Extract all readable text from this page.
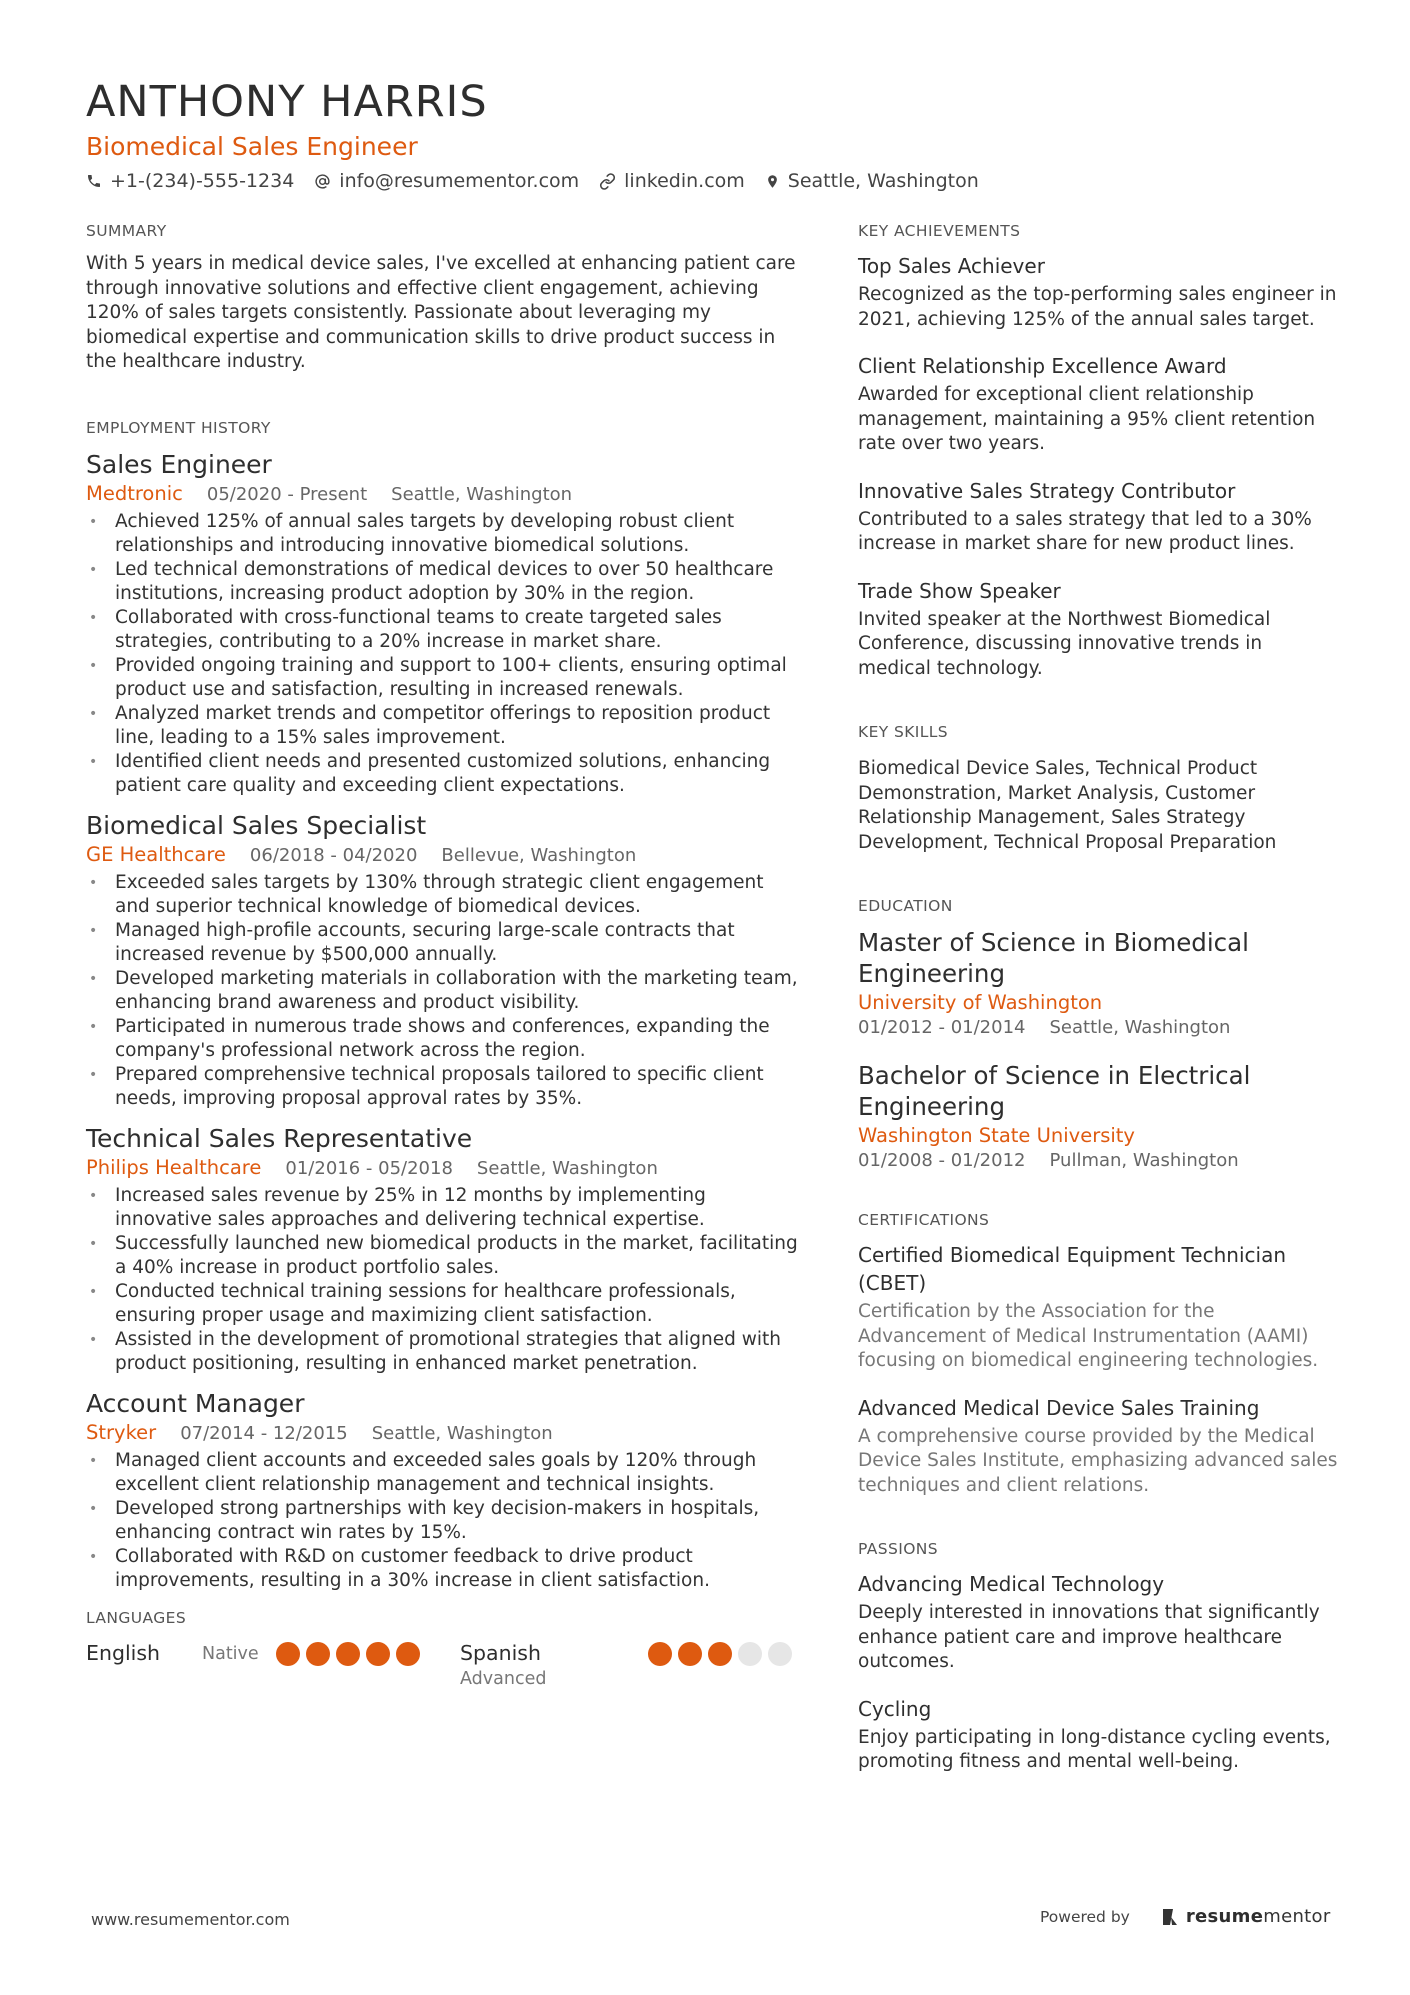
ANTHONY HARRIS
Biomedical Sales Engineer
+1-(234)-555-1234 info@resumementor.com linkedin.com Seattle, Washington
SUMMARY

With 5 years in medical device sales, I've excelled at enhancing patient care through innovative solutions and effective client engagement, achieving 120% of sales targets consistently. Passionate about leveraging my biomedical expertise and communication skills to drive product success in the healthcare industry.

EMPLOYMENT HISTORY
Sales Engineer
Medtronic 05/2020 - Present Seattle, Washington
• Achieved 125% of annual sales targets by developing robust client relationships and introducing innovative biomedical solutions.
• Led technical demonstrations of medical devices to over 50 healthcare institutions, increasing product adoption by 30% in the region.
• Collaborated with cross-functional teams to create targeted sales strategies, contributing to a 20% increase in market share.
• Provided ongoing training and support to 100+ clients, ensuring optimal product use and satisfaction, resulting in increased renewals.
• Analyzed market trends and competitor offerings to reposition product line, leading to a 15% sales improvement.
• Identified client needs and presented customized solutions, enhancing patient care quality and exceeding client expectations.
Biomedical Sales Specialist
GE Healthcare 06/2018 - 04/2020 Bellevue, Washington
• Exceeded sales targets by 130% through strategic client engagement and superior technical knowledge of biomedical devices.
• Managed high-profile accounts, securing large-scale contracts that increased revenue by $500,000 annually.
• Developed marketing materials in collaboration with the marketing team, enhancing brand awareness and product visibility.
• Participated in numerous trade shows and conferences, expanding the company's professional network across the region.
• Prepared comprehensive technical proposals tailored to specific client needs, improving proposal approval rates by 35%.
Technical Sales Representative
Philips Healthcare 01/2016 - 05/2018 Seattle, Washington
• Increased sales revenue by 25% in 12 months by implementing innovative sales approaches and delivering technical expertise.
• Successfully launched new biomedical products in the market, facilitating a 40% increase in product portfolio sales.
• Conducted technical training sessions for healthcare professionals, ensuring proper usage and maximizing client satisfaction.
• Assisted in the development of promotional strategies that aligned with product positioning, resulting in enhanced market penetration.
Account Manager
Stryker 07/2014 - 12/2015 Seattle, Washington
• Managed client accounts and exceeded sales goals by 120% through excellent client relationship management and technical insights.
• Developed strong partnerships with key decision-makers in hospitals, enhancing contract win rates by 15%.
• Collaborated with R&D on customer feedback to drive product improvements, resulting in a 30% increase in client satisfaction.
LANGUAGES
English	Native	Spanish
Advanced
KEY ACHIEVEMENTS
Top Sales Achiever

Recognized as the top-performing sales engineer in 2021, achieving 125% of the annual sales target.

Client Relationship Excellence Award

Awarded for exceptional client relationship management, maintaining a 95% client retention rate over two years.

Innovative Sales Strategy Contributor

Contributed to a sales strategy that led to a 30% increase in market share for new product lines.

Trade Show Speaker

Invited speaker at the Northwest Biomedical Conference, discussing innovative trends in medical technology.

KEY SKILLS

Biomedical Device Sales, Technical Product Demonstration, Market Analysis, Customer Relationship Management, Sales Strategy Development, Technical Proposal Preparation

EDUCATION
Master of Science in Biomedical Engineering
University of Washington
01/2012 - 01/2014 Seattle, Washington
Bachelor of Science in Electrical Engineering
Washington State University
01/2008 - 01/2012 Pullman, Washington
CERTIFICATIONS
Certified Biomedical Equipment Technician (CBET)

Certification by the Association for the Advancement of Medical Instrumentation (AAMI) focusing on biomedical engineering technologies.

Advanced Medical Device Sales Training

A comprehensive course provided by the Medical Device Sales Institute, emphasizing advanced sales techniques and client relations.

PASSIONS
Advancing Medical Technology

Deeply interested in innovations that significantly enhance patient care and improve healthcare outcomes.

Cycling

Enjoy participating in long-distance cycling events, promoting fitness and mental well-being.

www.resumementor.com	Powered by	resume mentor
